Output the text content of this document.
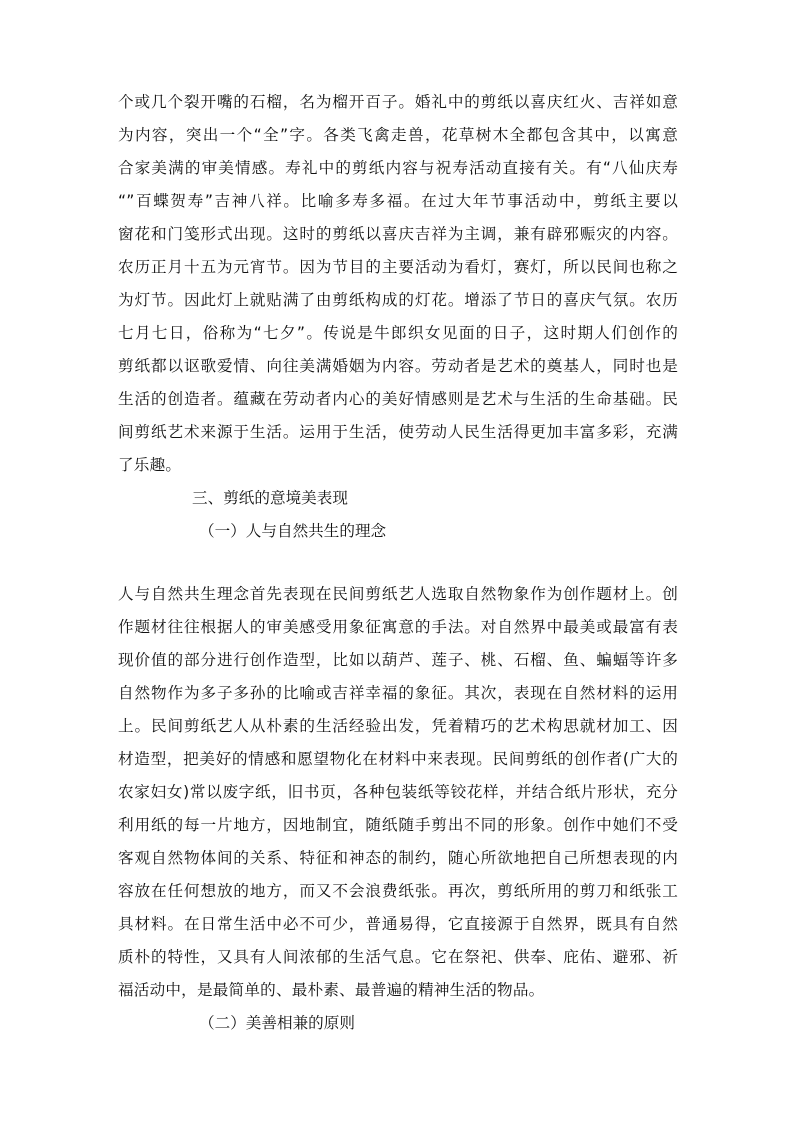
个或几个裂开嘴的石榴，名为榴开百子。婚礼中的剪纸以喜庆红火、吉祥如意
为内容，突出一个“全”字。各类飞禽走兽，花草树木全都包含其中，以寓意
合家美满的审美情感。寿礼中的剪纸内容与祝寿活动直接有关。有“八仙庆寿
“”百蝶贺寿”吉神八祥。比喻多寿多福。在过大年节事活动中，剪纸主要以
窗花和门笺形式出现。这时的剪纸以喜庆吉祥为主调，兼有辟邪赈灾的内容。
农历正月十五为元宵节。因为节目的主要活动为看灯，赛灯，所以民间也称之
为灯节。因此灯上就贴满了由剪纸构成的灯花。增添了节日的喜庆气氛。农历
七月七日，俗称为“七夕”。传说是牛郎织女见面的日子，这时期人们创作的
剪纸都以讴歌爱情、向往美满婚姻为内容。劳动者是艺术的奠基人，同时也是
生活的创造者。蕴藏在劳动者内心的美好情感则是艺术与生活的生命基础。民
间剪纸艺术来源于生活。运用于生活，使劳动人民生活得更加丰富多彩，充满
了乐趣。
三、剪纸的意境美表现
（一）人与自然共生的理念
人与自然共生理念首先表现在民间剪纸艺人选取自然物象作为创作题材上。创
作题材往往根据人的审美感受用象征寓意的手法。对自然界中最美或最富有表
现价值的部分进行创作造型，比如以葫芦、莲子、桃、石榴、鱼、蝙蝠等许多
自然物作为多子多孙的比喻或吉祥幸福的象征。其次，表现在自然材料的运用
上。民间剪纸艺人从朴素的生活经验出发，凭着精巧的艺术构思就材加工、因
材造型，把美好的情感和愿望物化在材料中来表现。民间剪纸的创作者(广大的
农家妇女)常以废字纸，旧书页，各种包装纸等铰花样，并结合纸片形状，充分
利用纸的每一片地方，因地制宜，随纸随手剪出不同的形象。创作中她们不受
客观自然物体间的关系、特征和神态的制约，随心所欲地把自己所想表现的内
容放在任何想放的地方，而又不会浪费纸张。再次，剪纸所用的剪刀和纸张工
具材料。在日常生活中必不可少，普通易得，它直接源于自然界，既具有自然
质朴的特性，又具有人间浓郁的生活气息。它在祭祀、供奉、庇佑、避邪、祈
福活动中，是最简单的、最朴素、最普遍的精神生活的物品。
（二）美善相兼的原则
